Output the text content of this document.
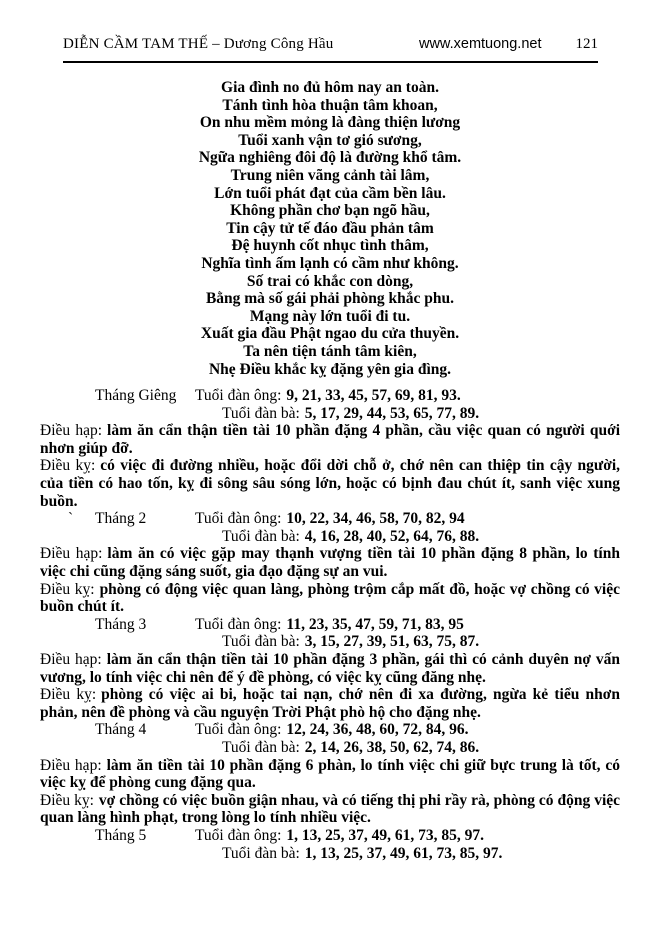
DIỄN CẦM TAM THẾ – Dương Công Hầu	www.xemtuong.net 121
Gia đình no đủ hôm nay an toàn.
Tánh tình hòa thuận tâm khoan,
On nhu mềm mỏng là đàng thiện lương
Tuổi xanh vận tơ gió sương,
Ngữa nghiêng đôi độ là đường khổ tâm.
Trung niên vãng cảnh tài lâm,
Lớn tuổi phát đạt của cầm bền lâu.
Không phần chơ bạn ngõ hầu,
Tin cậy tử tế đáo đầu phản tâm
Đệ huynh cốt nhục tình thâm,
Nghĩa tình ấm lạnh có cầm như không.
Số trai có khắc con dòng,
Bằng mà số gái phải phòng khắc phu.
Mạng này lớn tuổi đi tu.
Xuất gia đầu Phật ngao du cửa thuyền.
Ta nên tiện tánh tâm kiên,
Nhẹ Điều khắc kỵ đặng yên gia đìng.
Tháng Giêng Tuổi đàn ông: 9, 21, 33, 45, 57, 69, 81, 93.
Tuổi đàn bà: 5, 17, 29, 44, 53, 65, 77, 89.

Điều hạp: làm ăn cẩn thận tiền tài 10 phần đặng 4 phần, cầu việc quan có người quới nhơn giúp đỡ.

Điều kỵ: có việc đi đường nhiều, hoặc đổi dời chỗ ở, chớ nên can thiệp tin cậy người, của tiền có hao tốn, kỵ đi sông sâu sóng lớn, hoặc có bịnh đau chút ít, sanh việc xung buồn.

` Tháng 2	Tuổi đàn ông: 10, 22, 34, 46, 58, 70, 82, 94
Tuổi đàn bà: 4, 16, 28, 40, 52, 64, 76, 88.

Điều hạp: làm ăn có việc gặp may thạnh vượng tiền tài 10 phần đặng 8 phần, lo tính việc chi cũng đặng sáng suốt, gia đạo đặng sự an vui.

Điều kỵ: phòng có động việc quan làng, phòng trộm cắp mất đồ, hoặc vợ chồng có việc buồn chút ít.

Tháng 3	Tuổi đàn ông: 11, 23, 35, 47, 59, 71, 83, 95
Tuổi đàn bà: 3, 15, 27, 39, 51, 63, 75, 87.

Điều hạp: làm ăn cẩn thận tiền tài 10 phần đặng 3 phần, gái thì có cảnh duyên nợ vấn vương, lo tính việc chi nên để ý đề phòng, có việc kỵ cũng đăng nhẹ.

Điều kỵ: phòng có việc ai bi, hoặc tai nạn, chớ nên đi xa đường, ngừa kẻ tiểu nhơn phản, nên đề phòng và cầu nguyện Trời Phật phò hộ cho đặng nhẹ.

Tháng 4	Tuổi đàn ông: 12, 24, 36, 48, 60, 72, 84, 96.
Tuổi đàn bà: 2, 14, 26, 38, 50, 62, 74, 86.

Điều hạp: làm ăn tiền tài 10 phần đặng 6 phàn, lo tính việc chi giữ bực trung là tốt, có việc kỵ để phòng cung đặng qua.

Điều kỵ: vợ chồng có việc buồn giận nhau, và có tiếng thị phi rầy rà, phòng có động việc quan làng hình phạt, trong lòng lo tính nhiều việc.

Tháng 5	Tuổi đàn ông: 1, 13, 25, 37, 49, 61, 73, 85, 97.
Tuổi đàn bà: 1, 13, 25, 37, 49, 61, 73, 85, 97.
